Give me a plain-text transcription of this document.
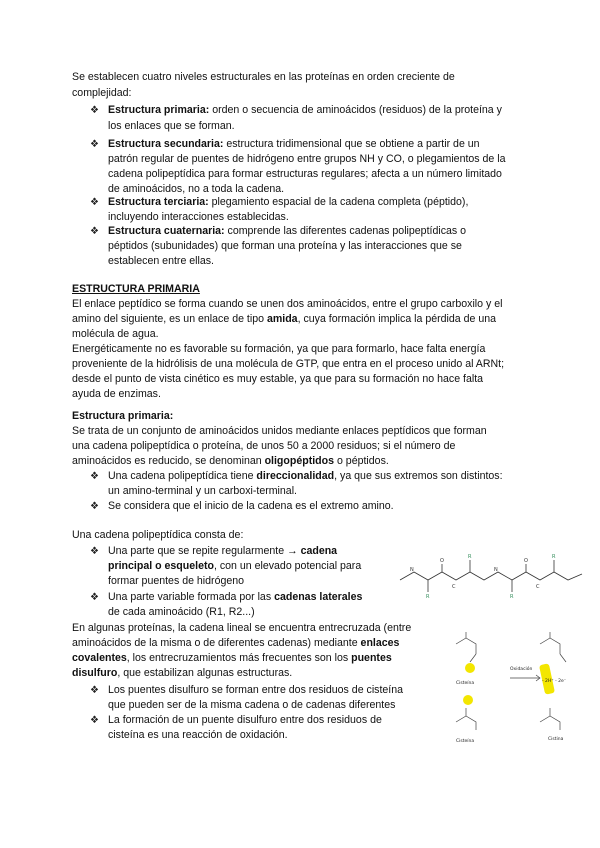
Se establecen cuatro niveles estructurales en las proteínas en orden creciente de
complejidad:
❖ Estructura primaria: orden o secuencia de aminoácidos (residuos) de la proteína y
los enlaces que se forman.
❖ Estructura secundaria: estructura tridimensional que se obtiene a partir de un
patrón regular de puentes de hidrógeno entre grupos NH y CO, o plegamientos de la
cadena polipeptídica para formar estructuras regulares; afecta a un número limitado
de aminoácidos, no a toda la cadena.
❖ Estructura terciaria: plegamiento espacial de la cadena completa (péptido),
incluyendo interacciones establecidas.
❖ Estructura cuaternaria: comprende las diferentes cadenas polipeptídicas o
péptidos (subunidades) que forman una proteína y las interacciones que se
establecen entre ellas.
ESTRUCTURA PRIMARIA
El enlace peptídico se forma cuando se unen dos aminoácidos, entre el grupo carboxilo y el
amino del siguiente, es un enlace de tipo amida, cuya formación implica la pérdida de una
molécula de agua.
Energéticamente no es favorable su formación, ya que para formarlo, hace falta energía
proveniente de la hidrólisis de una molécula de GTP, que entra en el proceso unido al ARNt;
desde el punto de vista cinético es muy estable, ya que para su formación no hace falta
ayuda de enzimas.
Estructura primaria:
Se trata de un conjunto de aminoácidos unidos mediante enlaces peptídicos que forman
una cadena polipeptídica o proteína, de unos 50 a 2000 residuos; si el número de
aminoácidos es reducido, se denominan oligopéptidos o péptidos.
❖ Una cadena polipeptídica tiene direccionalidad, ya que sus extremos son distintos:
un amino-terminal y un carboxi-terminal.
❖ Se considera que el inicio de la cadena es el extremo amino.
Una cadena polipeptídica consta de:
❖ Una parte que se repite regularmente → cadena
principal o esqueleto, con un elevado potencial para
formar puentes de hidrógeno
❖ Una parte variable formada por las cadenas laterales
de cada aminoácido (R1, R2...)
N
C
N
C
O	O
R
R
R
R
En algunas proteínas, la cadena lineal se encuentra entrecruzada (entre
aminoácidos de la misma o de diferentes cadenas) mediante enlaces
covalentes, los entrecruzamientos más frecuentes son los puentes
disulfuro, que estabilizan algunas estructuras.
❖ Los puentes disulfuro se forman entre dos residuos de cisteína
que pueden ser de la misma cadena o de cadenas diferentes
❖ La formación de un puente disulfuro entre dos residuos de
cisteína es una reacción de oxidación.
Cisteína
Oxidación
Cistina
Cisteína
- 2H⁺ - 2e⁻
